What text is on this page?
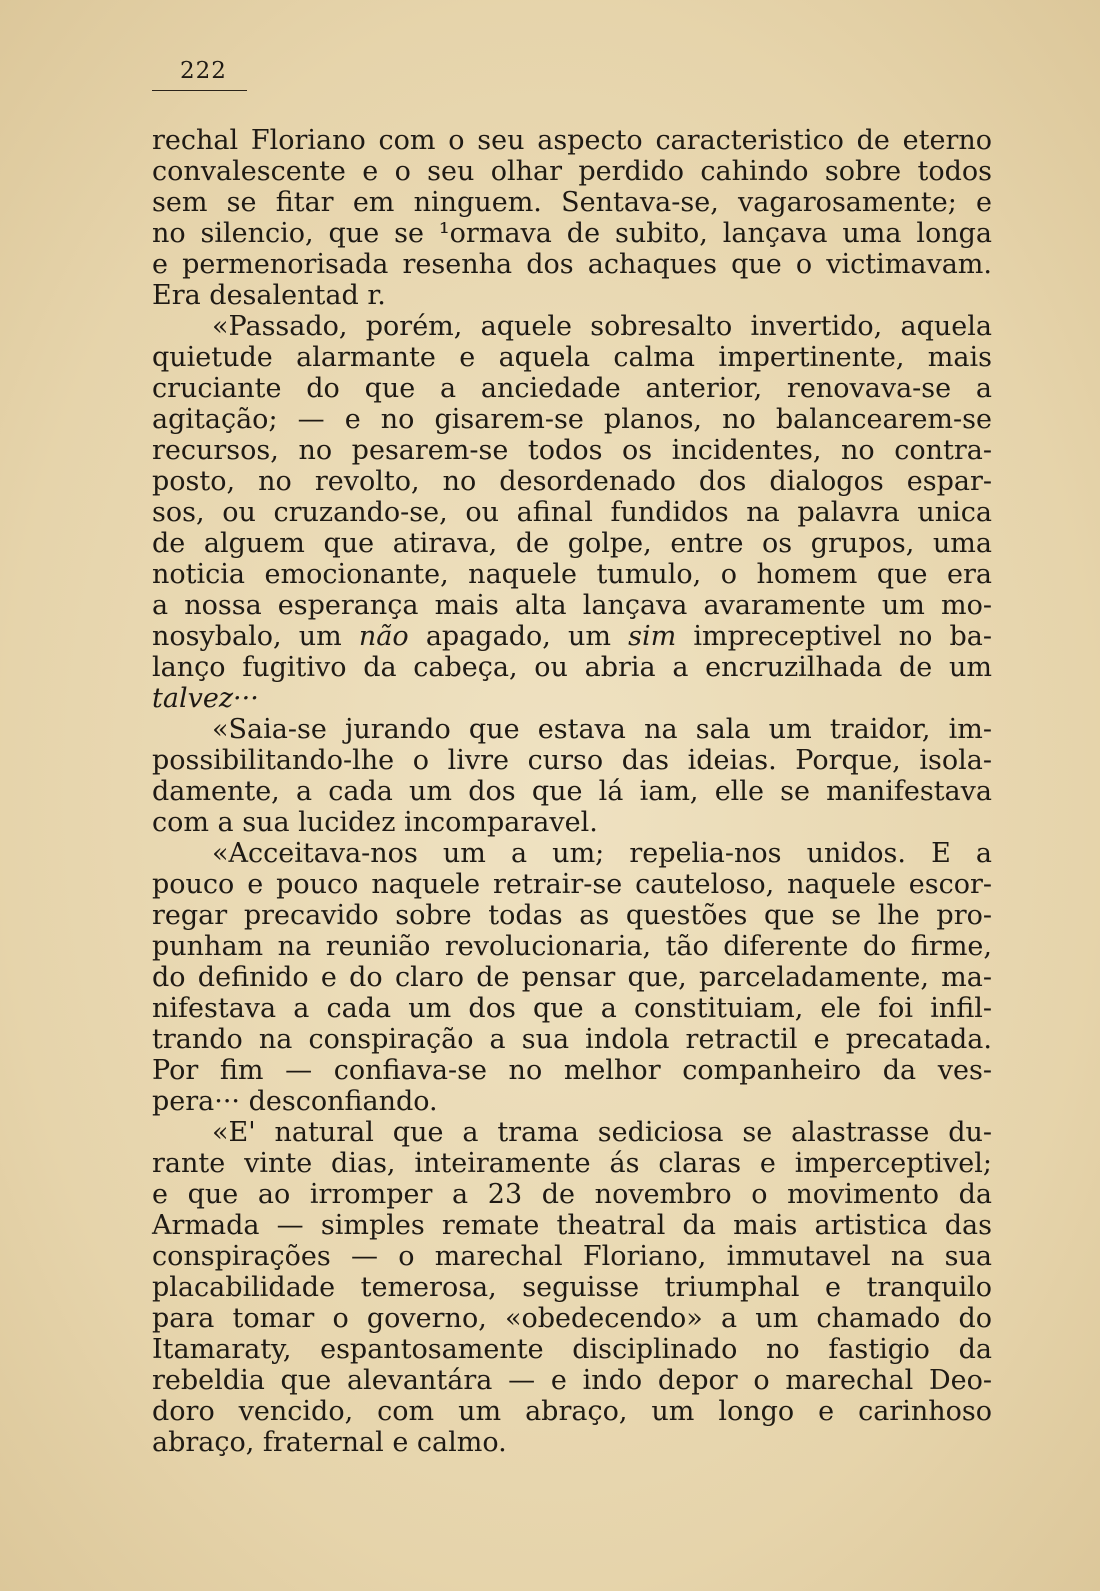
222
rechal Floriano com o seu aspecto caracteristico de eterno
convalescente e o seu olhar perdido cahindo sobre todos
sem se fitar em ninguem. Sentava-se, vagarosamente; e
no silencio, que se ¹ormava de subito, lançava uma longa
e permenorisada resenha dos achaques que o victimavam.
Era desalentad r.
«Passado, porém, aquele sobresalto invertido, aquela
quietude alarmante e aquela calma impertinente, mais
cruciante do que a anciedade anterior, renovava-se a
agitação; — e no gisarem-se planos, no balancearem-se
recursos, no pesarem-se todos os incidentes, no contra-
posto, no revolto, no desordenado dos dialogos espar-
sos, ou cruzando-se, ou afinal fundidos na palavra unica
de alguem que atirava, de golpe, entre os grupos, uma
noticia emocionante, naquele tumulo, o homem que era
a nossa esperança mais alta lançava avaramente um mo-
nosybalo, um não apagado, um sim impreceptivel no ba-
lanço fugitivo da cabeça, ou abria a encruzilhada de um
talvez···
«Saia-se jurando que estava na sala um traidor, im-
possibilitando-lhe o livre curso das ideias. Porque, isola-
damente, a cada um dos que lá iam, elle se manifestava
com a sua lucidez incomparavel.
«Acceitava-nos um a um; repelia-nos unidos. E a
pouco e pouco naquele retrair-se cauteloso, naquele escor-
regar precavido sobre todas as questões que se lhe pro-
punham na reunião revolucionaria, tão diferente do firme,
do definido e do claro de pensar que, parceladamente, ma-
nifestava a cada um dos que a constituiam, ele foi infil-
trando na conspiração a sua indola retractil e precatada.
Por fim — confiava-se no melhor companheiro da ves-
pera··· desconfiando.
«E' natural que a trama sediciosa se alastrasse du-
rante vinte dias, inteiramente ás claras e imperceptivel;
e que ao irromper a 23 de novembro o movimento da
Armada — simples remate theatral da mais artistica das
conspirações — o marechal Floriano, immutavel na sua
placabilidade temerosa, seguisse triumphal e tranquilo
para tomar o governo, «obedecendo» a um chamado do
Itamaraty, espantosamente disciplinado no fastigio da
rebeldia que alevantára — e indo depor o marechal Deo-
doro vencido, com um abraço, um longo e carinhoso
abraço, fraternal e calmo.
